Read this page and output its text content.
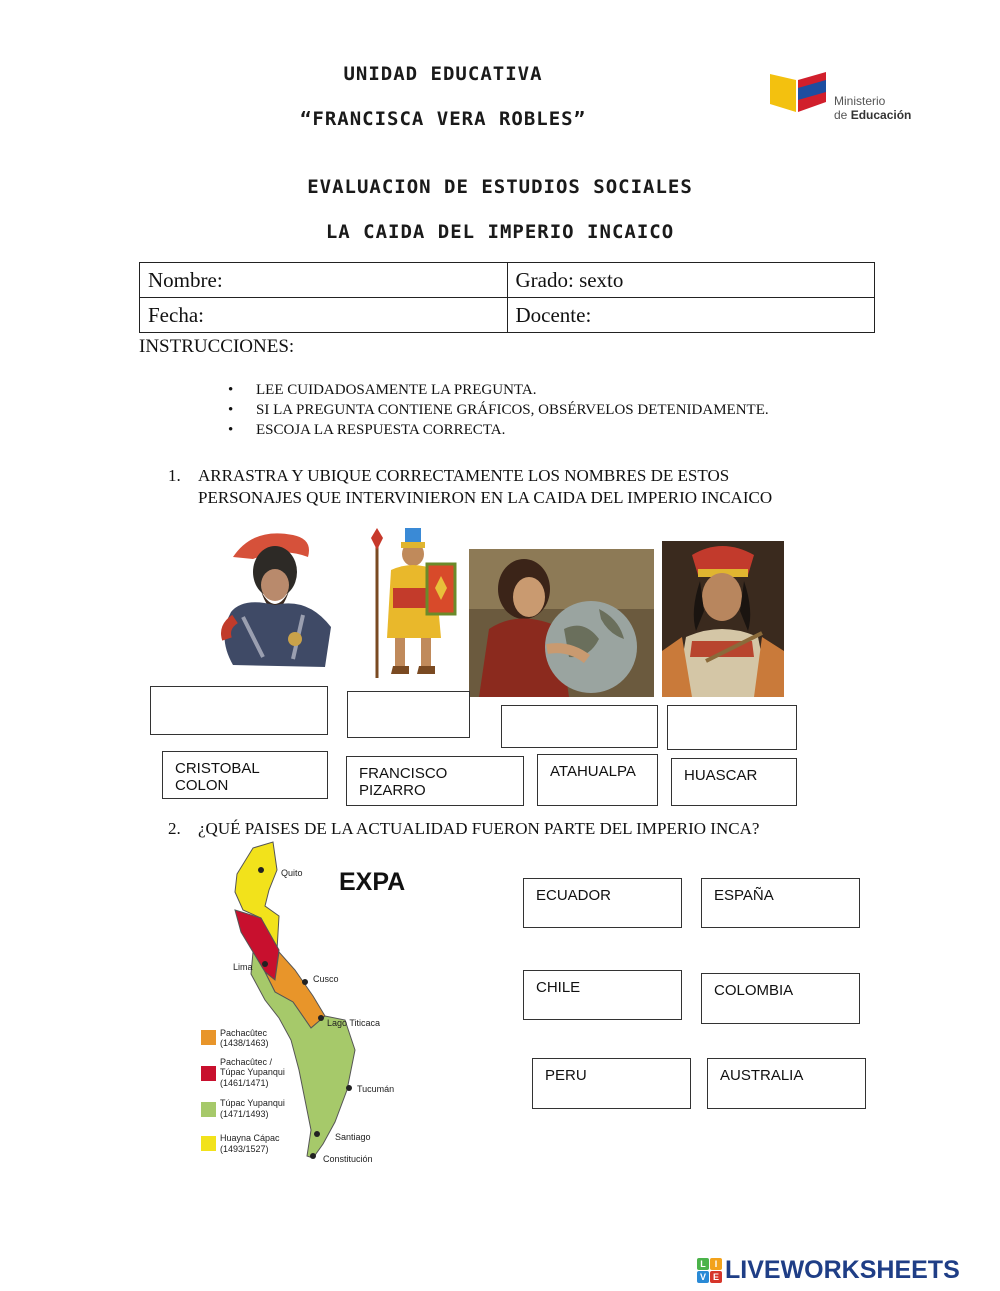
UNIDAD EDUCATIVA
“FRANCISCA VERA ROBLES”
Ministerio
de Educación
EVALUACION DE ESTUDIOS SOCIALES
LA CAIDA DEL IMPERIO INCAICO
Nombre:	Grado: sexto
Fecha:	Docente:
INSTRUCCIONES:
• LEE CUIDADOSAMENTE LA PREGUNTA.
• SI LA PREGUNTA CONTIENE GRÁFICOS, OBSÉRVELOS DETENIDAMENTE.
• ESCOJA LA RESPUESTA CORRECTA.
1. ARRASTRA Y UBIQUE CORRECTAMENTE LOS NOMBRES DE ESTOS
PERSONAJES QUE INTERVINIERON EN LA CAIDA DEL IMPERIO INCAICO
CRISTOBAL COLON
FRANCISCO PIZARRO
ATAHUALPA	HUASCAR
2. ¿QUÉ PAISES DE LA ACTUALIDAD FUERON PARTE DEL IMPERIO INCA?
EXPA
Quito
Lima
Cusco
Lago Titicaca
Tucumán
Santiago
Constitución
Pachacûtec
(1438/1463)
Pachacûtec /
Túpac Yupanqui
(1461/1471)
Túpac Yupanqui
(1471/1493)
Huayna Cápac
(1493/1527)
ECUADOR	ESPAÑA
CHILE	COLOMBIA
PERU	AUSTRALIA
L I
V E LIVEWORKSHEETS
